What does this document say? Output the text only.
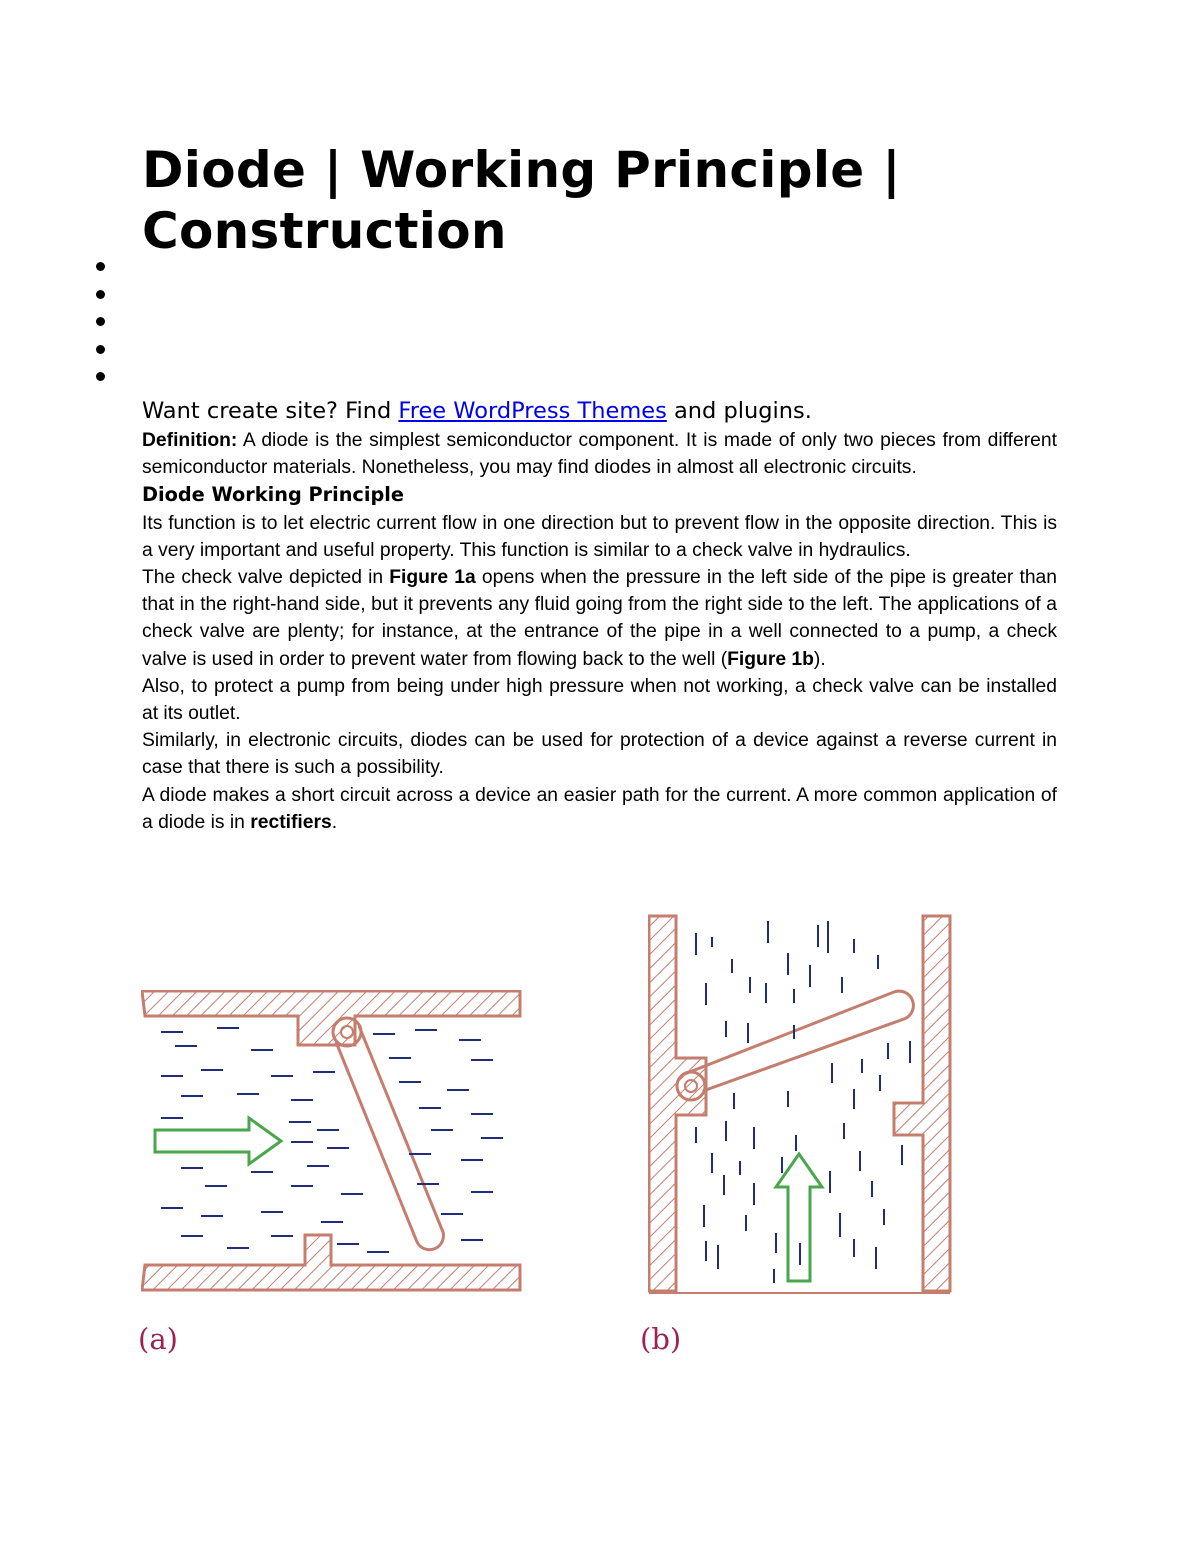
Diode | Working Principle | Construction

Want create site? Find Free WordPress Themes and plugins.

Definition: A diode is the simplest semiconductor component. It is made of only two pieces from different semiconductor materials. Nonetheless, you may find diodes in almost all electronic circuits.

Diode Working Principle

Its function is to let electric current flow in one direction but to prevent flow in the opposite direction. This is a very important and useful property. This function is similar to a check valve in hydraulics.

The check valve depicted in Figure 1a opens when the pressure in the left side of the pipe is greater than that in the right-hand side, but it prevents any fluid going from the right side to the left. The applications of a check valve are plenty; for instance, at the entrance of the pipe in a well connected to a pump, a check valve is used in order to prevent water from flowing back to the well (Figure 1b).

Also, to protect a pump from being under high pressure when not working, a check valve can be installed at its outlet.

Similarly, in electronic circuits, diodes can be used for protection of a device against a reverse current in case that there is such a possibility.

A diode makes a short circuit across a device an easier path for the current. A more common application of a diode is in rectifiers.

(a)	(b)
